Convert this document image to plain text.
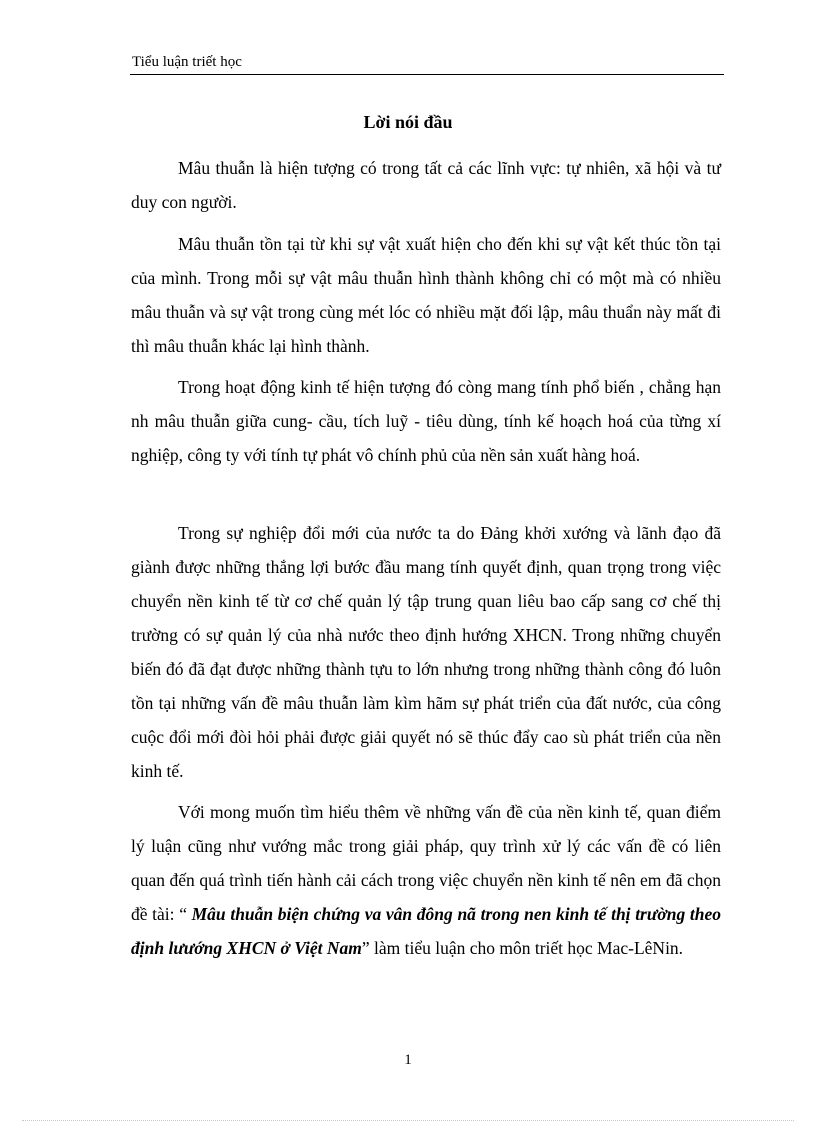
Tiểu luận triết học
Lời nói đầu

Mâu thuẫn là hiện tượng có trong tất cả các lĩnh vực: tự nhiên, xã hội và tư duy con người.

Mâu thuẫn tồn tại từ khi sự vật xuất hiện cho đến khi sự vật kết thúc tồn tại của mình. Trong mỗi sự vật mâu thuẫn hình thành không chỉ có một mà có nhiều mâu thuẫn và sự vật trong cùng mét lóc có nhiều mặt đối lập, mâu thuẩn này mất đi thì mâu thuẫn khác lại hình thành.

Trong hoạt động kinh tế hiện tượng đó còng mang tính phổ biến , chẳng hạn nh mâu thuẫn giữa cung- cầu, tích luỹ - tiêu dùng, tính kế hoạch hoá của từng xí nghiệp, công ty với tính tự phát vô chính phủ của nền sản xuất hàng hoá.

Trong sự nghiệp đổi mới của nước ta do Đảng khởi xướng và lãnh đạo đã giành được những thắng lợi bước đầu mang tính quyết định, quan trọng trong việc chuyển nền kinh tế từ cơ chế quản lý tập trung quan liêu bao cấp sang cơ chế thị trường có sự quản lý của nhà nước theo định hướng XHCN. Trong những chuyển biến đó đã đạt được những thành tựu to lớn nhưng trong những thành công đó luôn tồn tại những vấn đề mâu thuẫn làm kìm hãm sự phát triển của đất nước, của công cuộc đổi mới đòi hỏi phải được giải quyết nó sẽ thúc đẩy cao sù phát triển của nền kinh tế.

Với mong muốn tìm hiểu thêm về những vấn đề của nền kinh tế, quan điểm lý luận cũng như vướng mắc trong giải pháp, quy trình xử lý các vấn đề có liên quan đến quá trình tiến hành cải cách trong việc chuyển nền kinh tế nên em đã chọn đề tài: “ Mâu thuẫn biện chứng va vân đông nã trong nen kinh tế thị trường theo định lưướng XHCN ở Việt Nam” làm tiểu luận cho môn triết học Mac-LêNin.

1
